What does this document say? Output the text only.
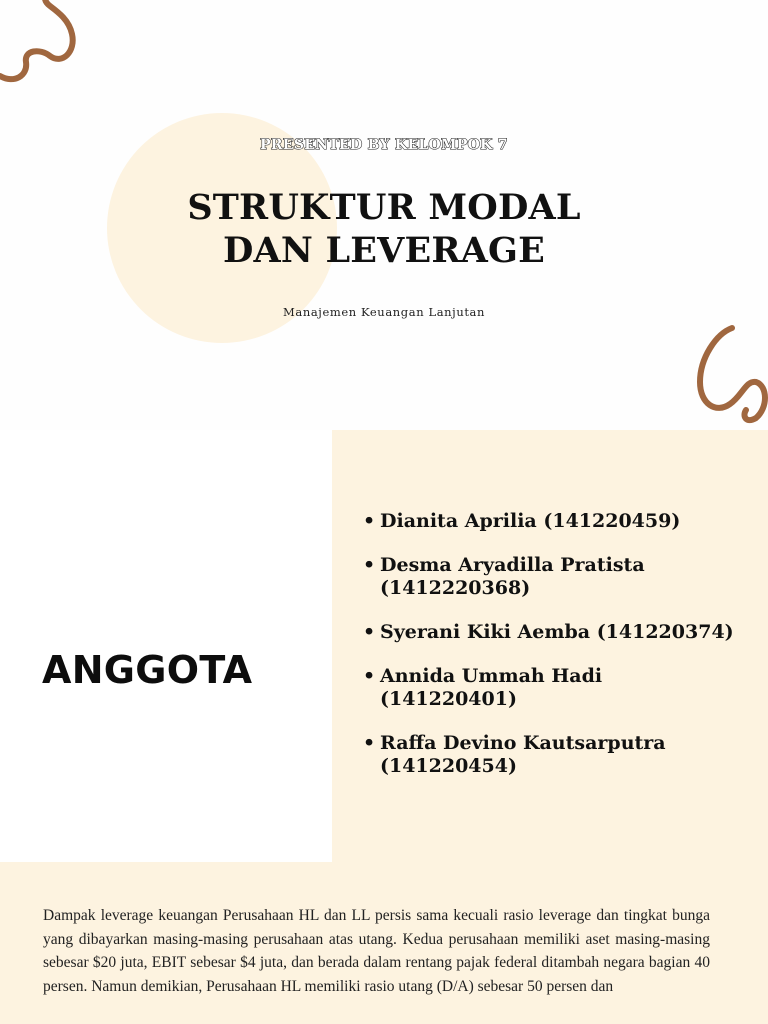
PRESENTED BY KELOMPOK 7
STRUKTUR MODAL
DAN LEVERAGE
Manajemen Keuangan Lanjutan
ANGGOTA
• Dianita Aprilia (141220459)
• Desma Aryadilla Pratista (1412220368)
• Syerani Kiki Aemba (141220374)
• Annida Ummah Hadi (141220401)
• Raffa Devino Kautsarputra (141220454)

Dampak leverage keuangan Perusahaan HL dan LL persis sama kecuali rasio leverage dan tingkat bunga yang dibayarkan masing-masing perusahaan atas utang. Kedua perusahaan memiliki aset masing-masing sebesar $20 juta, EBIT sebesar $4 juta, dan berada dalam rentang pajak federal ditambah negara bagian 40 persen. Namun demikian, Perusahaan HL memiliki rasio utang (D/A) sebesar 50 persen dan
